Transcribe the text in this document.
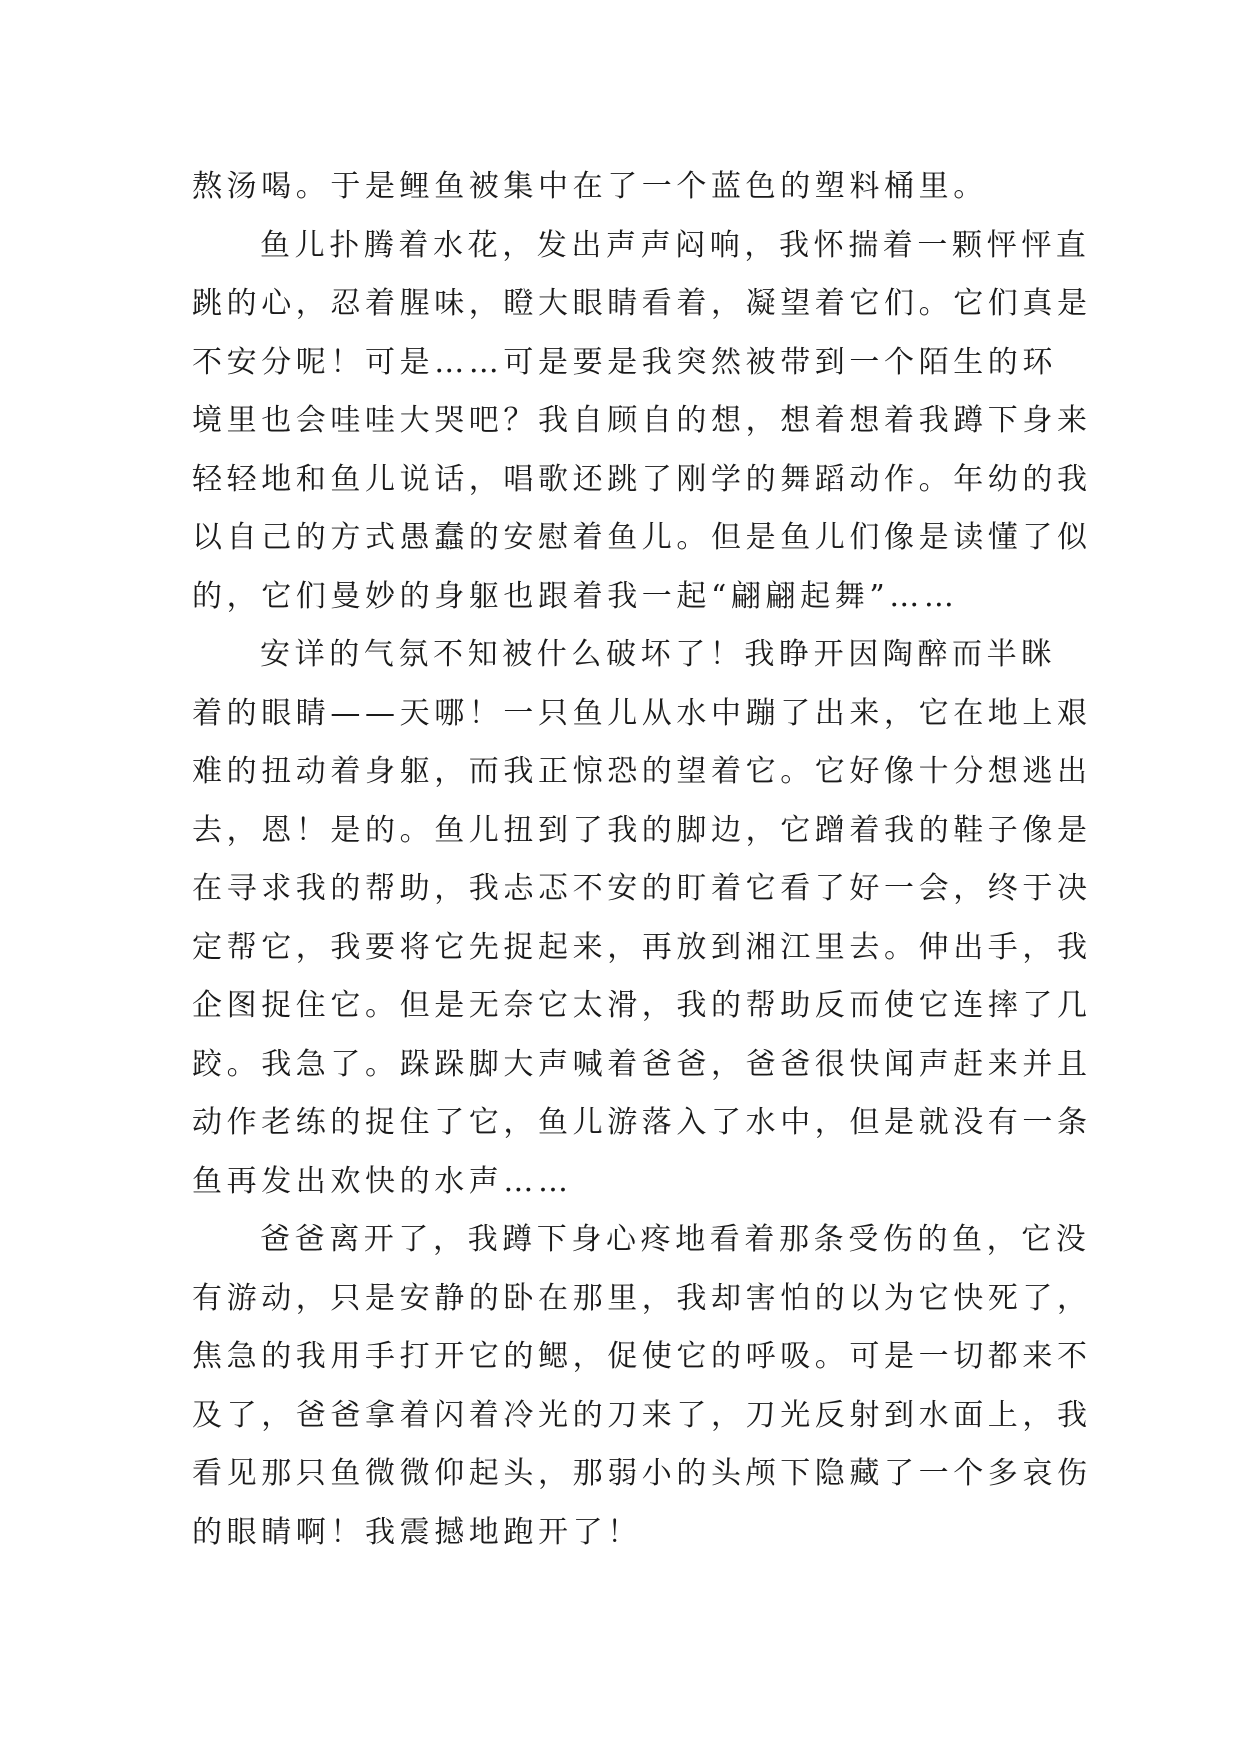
熬汤喝。于是鲤鱼被集中在了一个蓝色的塑料桶里。
鱼儿扑腾着水花，发出声声闷响，我怀揣着一颗怦怦直
跳的心，忍着腥味，瞪大眼睛看着，凝望着它们。它们真是
不安分呢！可是……可是要是我突然被带到一个陌生的环
境里也会哇哇大哭吧？我自顾自的想，想着想着我蹲下身来
轻轻地和鱼儿说话，唱歌还跳了刚学的舞蹈动作。年幼的我
以自己的方式愚蠢的安慰着鱼儿。但是鱼儿们像是读懂了似
的，它们曼妙的身躯也跟着我一起“翩翩起舞”……
安详的气氛不知被什么破坏了！我睁开因陶醉而半眯
着的眼睛——天哪！一只鱼儿从水中蹦了出来，它在地上艰
难的扭动着身躯，而我正惊恐的望着它。它好像十分想逃出
去，恩！是的。鱼儿扭到了我的脚边，它蹭着我的鞋子像是
在寻求我的帮助，我忐忑不安的盯着它看了好一会，终于决
定帮它，我要将它先捉起来，再放到湘江里去。伸出手，我
企图捉住它。但是无奈它太滑，我的帮助反而使它连摔了几
跤。我急了。跺跺脚大声喊着爸爸，爸爸很快闻声赶来并且
动作老练的捉住了它，鱼儿游落入了水中，但是就没有一条
鱼再发出欢快的水声……
爸爸离开了，我蹲下身心疼地看着那条受伤的鱼，它没
有游动，只是安静的卧在那里，我却害怕的以为它快死了，
焦急的我用手打开它的鳃，促使它的呼吸。可是一切都来不
及了，爸爸拿着闪着冷光的刀来了，刀光反射到水面上，我
看见那只鱼微微仰起头，那弱小的头颅下隐藏了一个多哀伤
的眼睛啊！我震撼地跑开了！
